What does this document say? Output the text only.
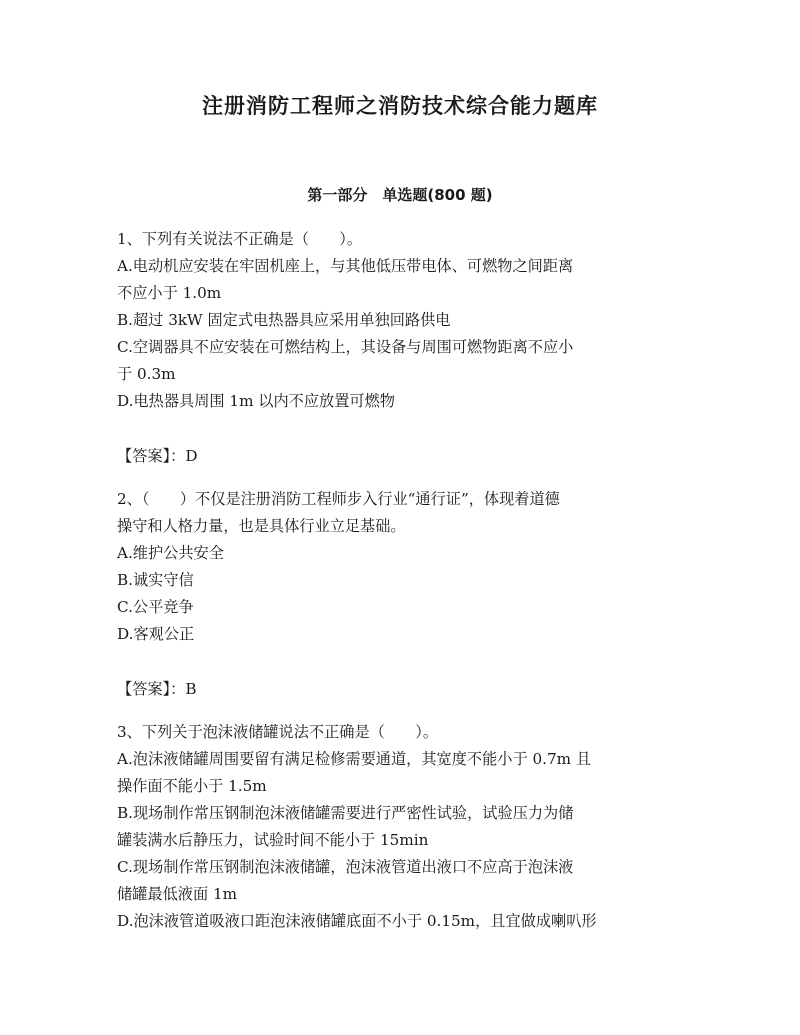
注册消防工程师之消防技术综合能力题库
第一部分　单选题(800 题)
1、下列有关说法不正确是（　　）。
A.电动机应安装在牢固机座上，与其他低压带电体、可燃物之间距离
不应小于 1.0m
B.超过 3kW 固定式电热器具应采用单独回路供电
C.空调器具不应安装在可燃结构上，其设备与周围可燃物距离不应小
于 0.3m
D.电热器具周围 1m 以内不应放置可燃物
【答案】：D
2、（　　）不仅是注册消防工程师步入行业“通行证”，体现着道德
操守和人格力量，也是具体行业立足基础。
A.维护公共安全
B.诚实守信
C.公平竞争
D.客观公正
【答案】：B
3、下列关于泡沫液储罐说法不正确是（　　）。
A.泡沫液储罐周围要留有满足检修需要通道，其宽度不能小于 0.7m 且
操作面不能小于 1.5m
B.现场制作常压钢制泡沫液储罐需要进行严密性试验，试验压力为储
罐装满水后静压力，试验时间不能小于 15min
C.现场制作常压钢制泡沫液储罐，泡沫液管道出液口不应高于泡沫液
储罐最低液面 1m
D.泡沫液管道吸液口距泡沫液储罐底面不小于 0.15m，且宜做成喇叭形
